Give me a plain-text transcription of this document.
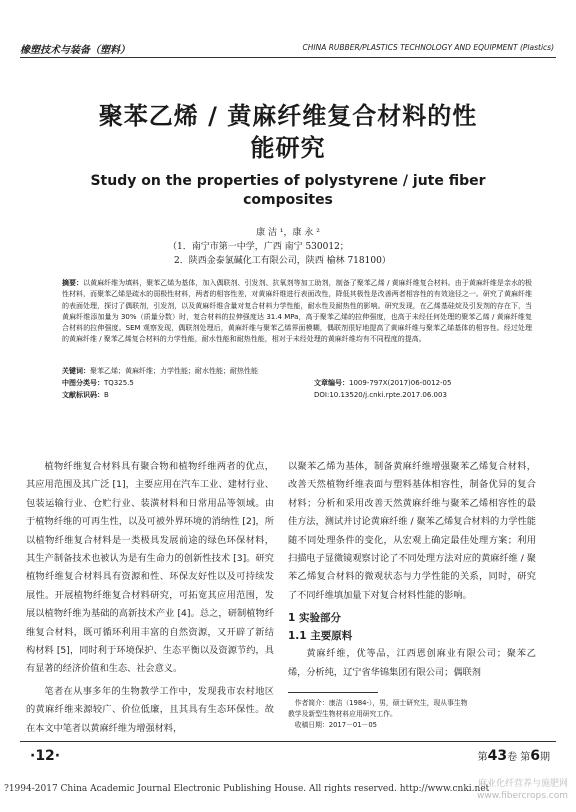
橡塑技术与装备（塑料）	CHINA RUBBER/PLASTICS TECHNOLOGY AND EQUIPMENT (Plastics)
聚苯乙烯 / 黄麻纤维复合材料的性
能研究
Study on the properties of polystyrene / jute fiber
composites
康 洁 ¹，康 永 ²
（1．南宁市第一中学，广西 南宁 530012；
2．陕西金泰氯碱化工有限公司，陕西 榆林 718100）
摘要：以黄麻纤维为填料，聚苯乙烯为基体，加入偶联剂、引发剂、抗氧剂等加工助剂，制备了聚苯乙烯 / 黄麻纤维复合材料。由于黄麻纤维是亲水的极性材料，而聚苯乙烯是疏水的弱极性材料，两者的相容性差，对黄麻纤维进行表面改性，降低其极性是改善两者相容性的有效途径之一。研究了黄麻纤维的表面处理，探讨了偶联剂，引发剂，以及黄麻纤维含量对复合材料力学性能，耐水性及耐热性的影响。研究发现，在乙烯基硅烷及引发剂的存在下，当黄麻纤维添加量为 30%（质量分数）时，复合材料的拉伸强度达 31.4 MPa，高于聚苯乙烯的拉伸强度，也高于未经任何处理的聚苯乙烯 / 黄麻纤维复合材料的拉伸强度。SEM 观察发现，偶联剂处理后，黄麻纤维与聚苯乙烯界面模糊，偶联剂很好地提高了黄麻纤维与聚苯乙烯基体的相容性。经过处理的黄麻纤维 / 聚苯乙烯复合材料的力学性能，耐水性能和耐热性能，相对于未经处理的黄麻纤维均有不同程度的提高。
关键词：聚苯乙烯；黄麻纤维；力学性能；耐水性能；耐热性能
中图分类号：TQ325.5
文献标识码：B
文章编号：1009-797X(2017)06-0012-05
DOI:10.13520/j.cnki.rpte.2017.06.003

植物纤维复合材料具有聚合物和植物纤维两者的优点，其应用范围及其广泛 [1]，主要应用在汽车工业、建材行业、包装运输行业、仓贮行业、装潢材料和日常用品等领域。由于植物纤维的可再生性，以及可被外界环境的消纳性 [2]，所以植物纤维复合材料是一类极具发展前途的绿色环保材料，其生产制备技术也被认为是有生命力的创新性技术 [3]。研究植物纤维复合材料具有资源和性、环保友好性以及可持续发展性。开展植物纤维复合材料研究，可拓宽其应用范围，发展以植物纤维为基础的高新技术产业 [4]。总之，研制植物纤维复合材料，既可循环利用丰富的自然资源，又开辟了新结构材料 [5]，同时利于环境保护、生态平衡以及资源节约，具有显著的经济价值和生态、社会意义。

笔者在从事多年的生物教学工作中，发现我市农村地区的黄麻纤维来源较广、价位低廉，且其具有生态环保性。故在本文中笔者以黄麻纤维为增强材料，

以聚苯乙烯为基体，制备黄麻纤维增强聚苯乙烯复合材料，改善天然植物纤维表面与塑料基体相容性，制备优异的复合材料；分析和采用改善天然黄麻纤维与聚苯乙烯相容性的最佳方法，测试并讨论黄麻纤维 / 聚苯乙烯复合材料的力学性能随不同处理条件的变化，从宏观上确定最佳处理方案；利用扫描电子显微镜观察讨论了不同处理方法对应的黄麻纤维 / 聚苯乙烯复合材料的微观状态与力学性能的关系，同时，研究了不同纤维填加量下对复合材料性能的影响。

1 实验部分
1.1 主要原料

黄麻纤维，优等品，江西恩创麻业有限公司；聚苯乙烯，分析纯，辽宁省华锦集团有限公司；偶联剂

作者简介：康洁（1984-），男，硕士研究生，现从事生物
教学及新型生物材料应用研究工作。
收稿日期：2017－01－05
·12·	第43卷 第6期
?1994-2017 China Academic Journal Electronic Publishing House. All rights reserved. http://www.cnki.net
麻业化纤营养与施肥网
www.fibercrops.com
